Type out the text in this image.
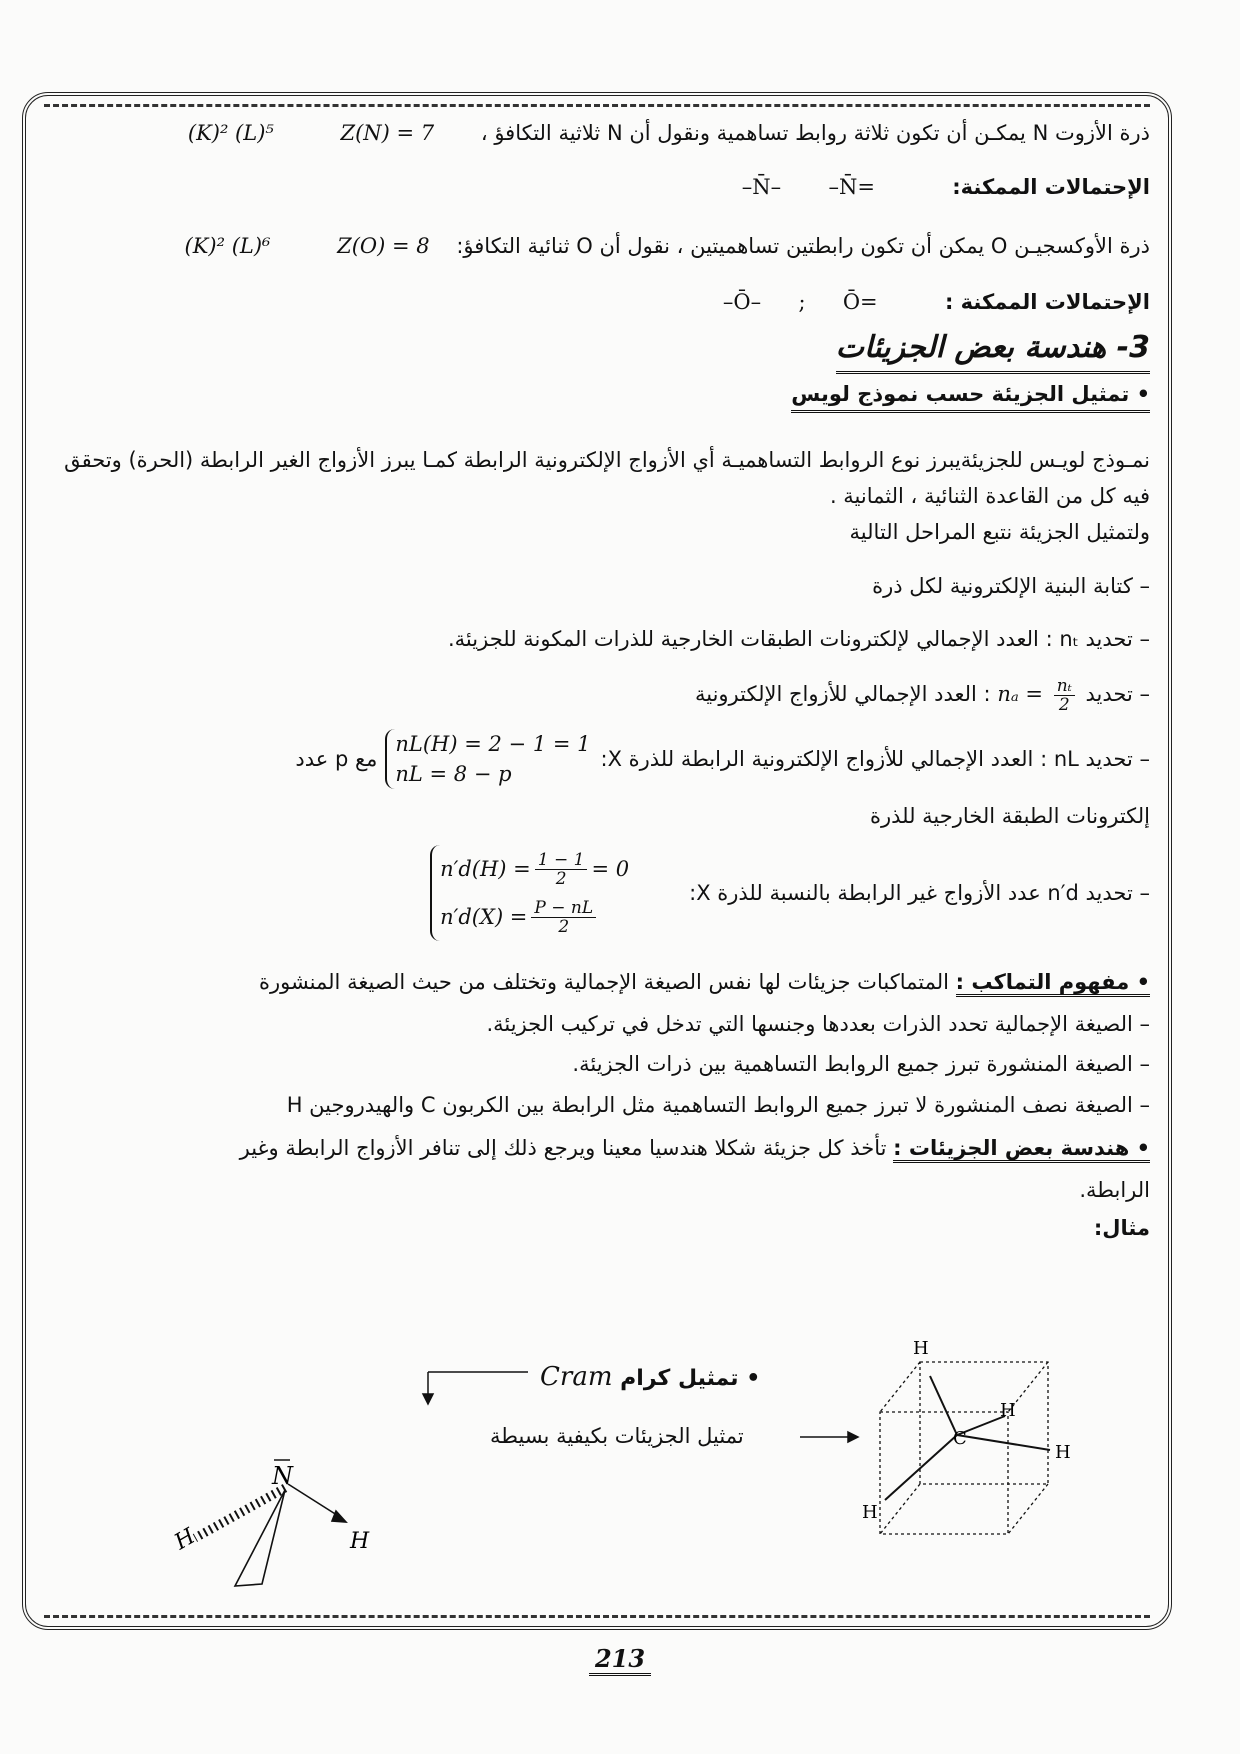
ذرة الأزوت N يمكـن أن تكون ثلاثة روابط تساهمية ونقول أن N ثلاثية التكافؤ ، Z(N) = 7 (K)² (L)⁵

الإحتمالات الممكنة: –N̄= –N̄–

ذرة الأوكسجيـن O يمكن أن تكون رابطتين تساهميتين ، نقول أن O ثنائية التكافؤ: Z(O) = 8 (K)² (L)⁶

الإحتمالات الممكنة : Ō= ; –Ō–

3- هندسة بعض الجزيئات
• تمثيل الجزيئة حسب نموذج لويس

نمـوذج لويـس للجزيئةيبرز نوع الروابط التساهميـة أي الأزواج الإلكترونية الرابطة كمـا يبرز الأزواج الغير الرابطة (الحرة) وتحقق فيه كل من القاعدة الثنائية ، الثمانية .

ولتمثيل الجزيئة نتبع المراحل التالية

– كتابة البنية الإلكترونية لكل ذرة

– تحديد nₜ : العدد الإجمالي لإلكترونات الطبقات الخارجية للذرات المكونة للجزيئة.

– تحديد $n_a = \frac{\text{nₜ}}{2}$
: العدد الإجمالي للأزواج الإلكترونية

– تحديد nL : العدد الإجمالي للأزواج الإلكترونية الرابطة للذرة X:
nL(H) = 2 − 1 = 1
nL = 8 − p
مع p عدد

إلكترونات الطبقة الخارجية للذرة

– تحديد n′d عدد الأزواج غير الرابطة بالنسبة للذرة X:
$n'd(H) = \frac{1 - 1}{2} = 0$
$n'd(X) = \frac{P - nL}{2}$

• مفهوم التماكب : المتماكبات جزيئات لها نفس الصيغة الإجمالية وتختلف من حيث الصيغة المنشورة

– الصيغة الإجمالية تحدد الذرات بعددها وجنسها التي تدخل في تركيب الجزيئة.

– الصيغة المنشورة تبرز جميع الروابط التساهمية بين ذرات الجزيئة.

– الصيغة نصف المنشورة لا تبرز جميع الروابط التساهمية مثل الرابطة بين الكربون C والهيدروجين H

• هندسة بعض الجزيئات : تأخذ كل جزيئة شكلا هندسيا معينا ويرجع ذلك إلى تنافر الأزواج الرابطة وغير

الرابطة.

مثال:

• تمثيل كرام Cram
تمثيل الجزيئات بكيفية بسيطة
H
C
H
H
H
N
H	H
213
